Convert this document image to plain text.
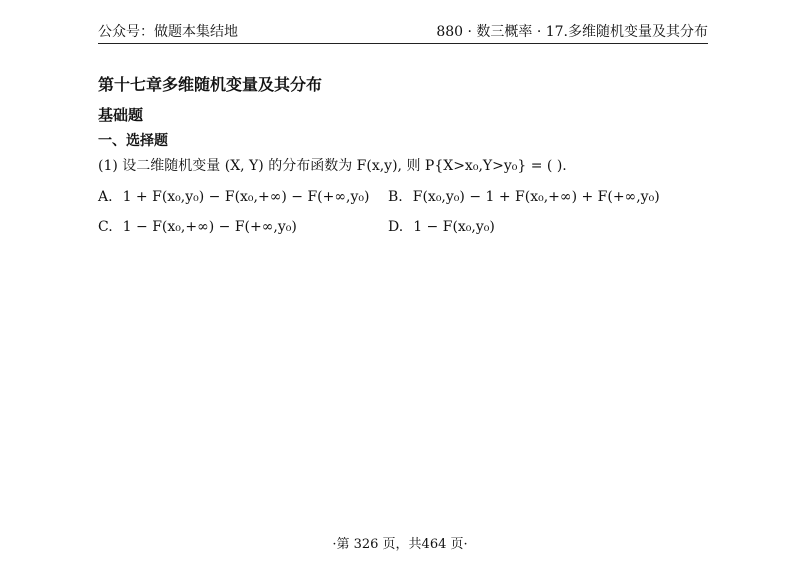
公众号：做题本集结地	880 · 数三概率 · 17.多维随机变量及其分布
第十七章多维随机变量及其分布
基础题
一、选择题
(1) 设二维随机变量 (X, Y) 的分布函数为 F(x,y), 则 P{X>x₀,Y>y₀} = ( ).
A. 1 + F(x₀,y₀) − F(x₀,+∞) − F(+∞,y₀) B. F(x₀,y₀) − 1 + F(x₀,+∞) + F(+∞,y₀)
C. 1 − F(x₀,+∞) − F(+∞,y₀)	D. 1 − F(x₀,y₀)
·第 326 页，共464 页·
